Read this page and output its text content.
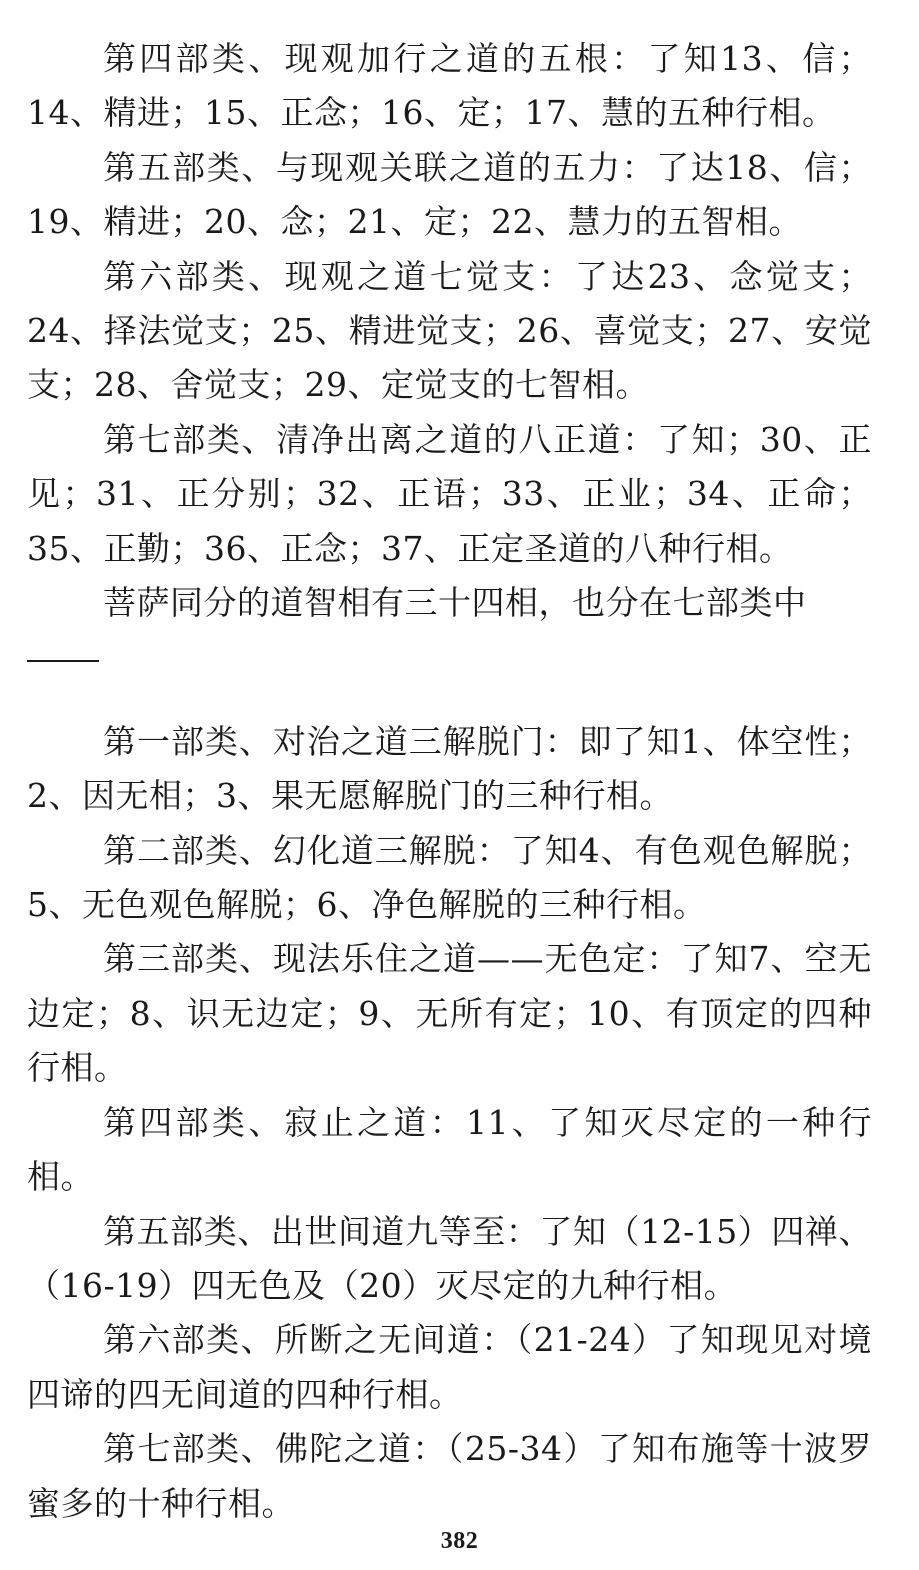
第四部类、现观加行之道的五根：了知13、信；14、精进；15、正念；16、定；17、慧的五种行相。

第五部类、与现观关联之道的五力：了达18、信；19、精进；20、念；21、定；22、慧力的五智相。

第六部类、现观之道七觉支：了达23、念觉支；24、择法觉支；25、精进觉支；26、喜觉支；27、安觉支；28、舍觉支；29、定觉支的七智相。

第七部类、清净出离之道的八正道：了知；30、正见；31、正分别；32、正语；33、正业；34、正命；35、正勤；36、正念；37、正定圣道的八种行相。

菩萨同分的道智相有三十四相，也分在七部类中

第一部类、对治之道三解脱门：即了知1、体空性；2、因无相；3、果无愿解脱门的三种行相。

第二部类、幻化道三解脱：了知4、有色观色解脱；5、无色观色解脱；6、净色解脱的三种行相。

第三部类、现法乐住之道——无色定：了知7、空无边定；8、识无边定；9、无所有定；10、有顶定的四种行相。

第四部类、寂止之道：11、了知灭尽定的一种行相。

第五部类、出世间道九等至：了知（12-15）四禅、（16-19）四无色及（20）灭尽定的九种行相。

第六部类、所断之无间道：（21-24）了知现见对境四谛的四无间道的四种行相。

第七部类、佛陀之道：（25-34）了知布施等十波罗蜜多的十种行相。

382
